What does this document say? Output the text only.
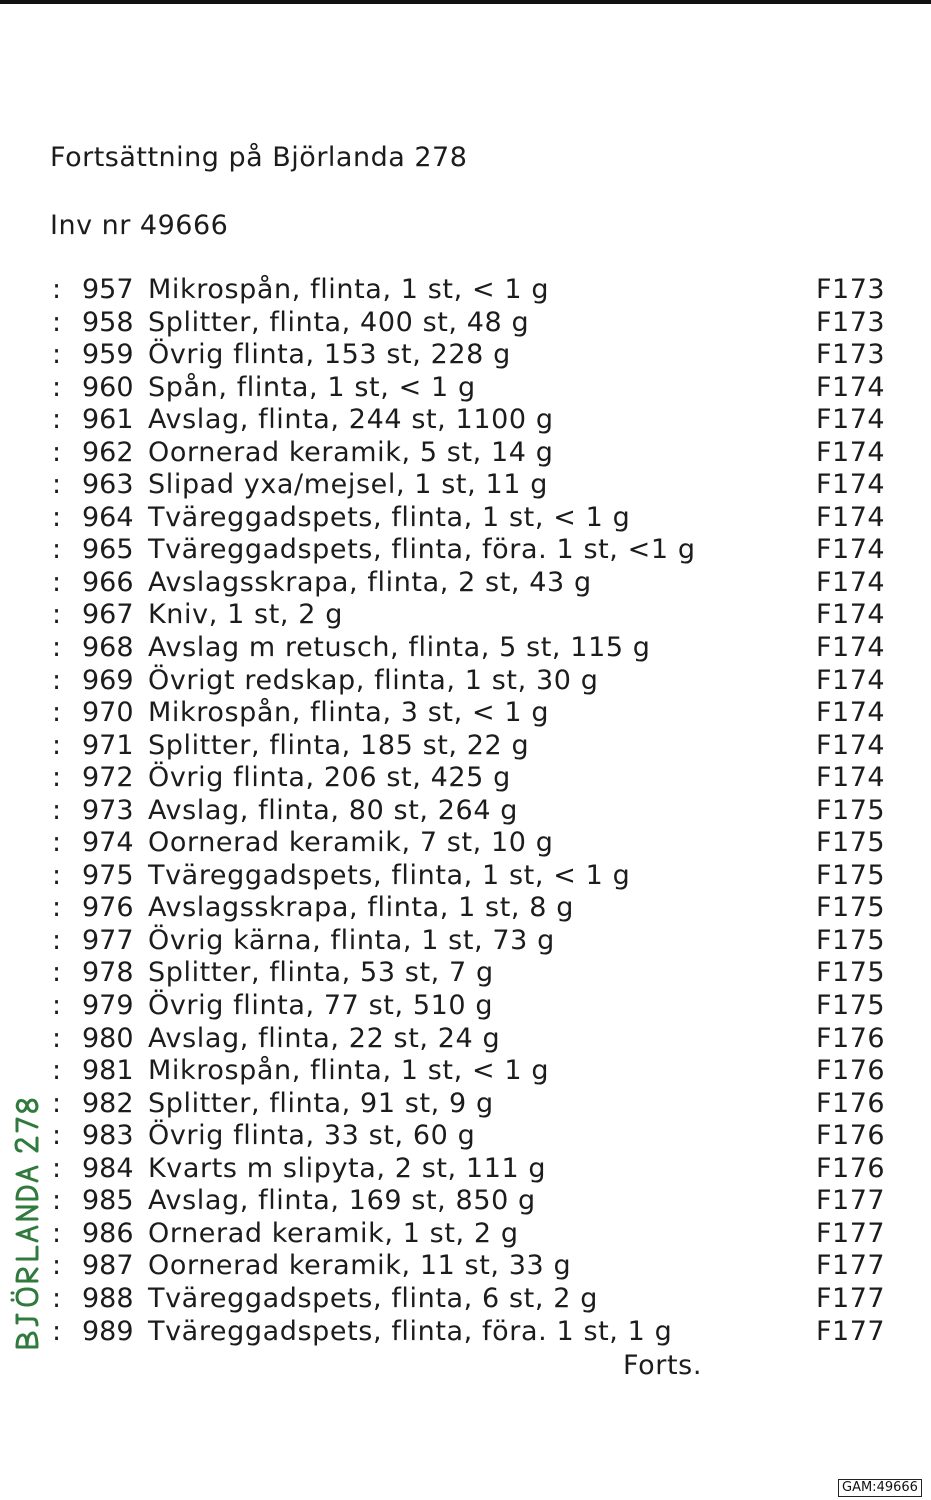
Fortsättning på Björlanda 278
Inv nr 49666
: 957 Mikrospån, flinta, 1 st, < 1 g	F173
: 958 Splitter, flinta, 400 st, 48 g	F173
: 959 Övrig flinta, 153 st, 228 g	F173
: 960 Spån, flinta, 1 st, < 1 g	F174
: 961 Avslag, flinta, 244 st, 1100 g	F174
: 962 Oornerad keramik, 5 st, 14 g	F174
: 963 Slipad yxa/mejsel, 1 st, 11 g	F174
: 964 Tväreggadspets, flinta, 1 st, < 1 g	F174
: 965 Tväreggadspets, flinta, föra. 1 st, <1 g	F174
: 966 Avslagsskrapa, flinta, 2 st, 43 g	F174
: 967 Kniv, 1 st, 2 g	F174
: 968 Avslag m retusch, flinta, 5 st, 115 g	F174
: 969 Övrigt redskap, flinta, 1 st, 30 g	F174
: 970 Mikrospån, flinta, 3 st, < 1 g	F174
: 971 Splitter, flinta, 185 st, 22 g	F174
: 972 Övrig flinta, 206 st, 425 g	F174
: 973 Avslag, flinta, 80 st, 264 g	F175
: 974 Oornerad keramik, 7 st, 10 g	F175
: 975 Tväreggadspets, flinta, 1 st, < 1 g	F175
: 976 Avslagsskrapa, flinta, 1 st, 8 g	F175
: 977 Övrig kärna, flinta, 1 st, 73 g	F175
: 978 Splitter, flinta, 53 st, 7 g	F175
: 979 Övrig flinta, 77 st, 510 g	F175
: 980 Avslag, flinta, 22 st, 24 g	F176
: 981 Mikrospån, flinta, 1 st, < 1 g	F176
: 982 Splitter, flinta, 91 st, 9 g	F176
: 983 Övrig flinta, 33 st, 60 g	F176
: 984 Kvarts m slipyta, 2 st, 111 g	F176
: 985 Avslag, flinta, 169 st, 850 g	F177
: 986 Ornerad keramik, 1 st, 2 g	F177
: 987 Oornerad keramik, 11 st, 33 g	F177
: 988 Tväreggadspets, flinta, 6 st, 2 g	F177
: 989 Tväreggadspets, flinta, föra. 1 st, 1 g	F177
Forts.
GAM:49666
